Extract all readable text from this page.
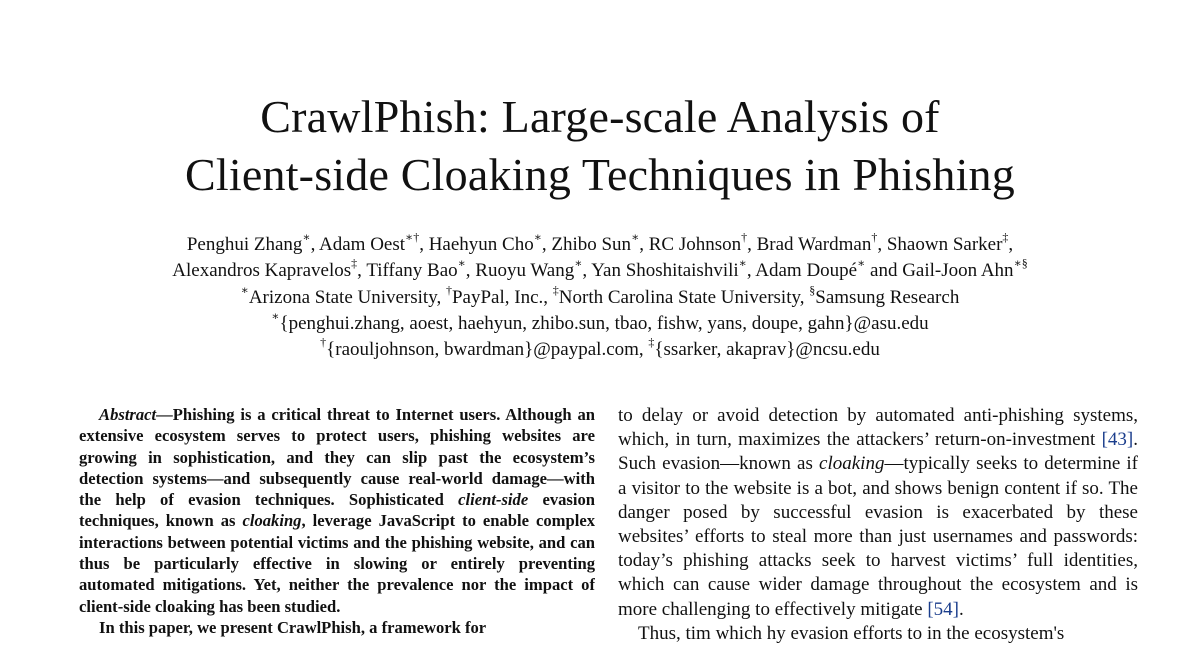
CrawlPhish: Large-scale Analysis of
Client-side Cloaking Techniques in Phishing
Penghui Zhang∗, Adam Oest∗†, Haehyun Cho∗, Zhibo Sun∗, RC Johnson†, Brad Wardman†, Shaown Sarker‡,
Alexandros Kapravelos‡, Tiffany Bao∗, Ruoyu Wang∗, Yan Shoshitaishvili∗, Adam Doupé∗ and Gail-Joon Ahn∗§
∗Arizona State University, †PayPal, Inc., ‡North Carolina State University, §Samsung Research
∗{penghui.zhang, aoest, haehyun, zhibo.sun, tbao, fishw, yans, doupe, gahn}@asu.edu
†{raouljohnson, bwardman}@paypal.com, ‡{ssarker, akaprav}@ncsu.edu

Abstract—Phishing is a critical threat to Internet users. Although an extensive ecosystem serves to protect users, phishing websites are growing in sophistication, and they can slip past the ecosystem’s detection systems—and subsequently cause real-world damage—with the help of evasion techniques. Sophisticated client-side evasion techniques, known as cloaking, leverage JavaScript to enable complex interactions between potential victims and the phishing website, and can thus be particularly effective in slowing or entirely preventing automated mitigations. Yet, neither the prevalence nor the impact of client-side cloaking has been studied.

In this paper, we present CrawlPhish, a framework for

to delay or avoid detection by automated anti-phishing systems, which, in turn, maximizes the attackers’ return-on-investment [43]. Such evasion—known as cloaking—typically seeks to determine if a visitor to the website is a bot, and shows benign content if so. The danger posed by successful evasion is exacerbated by these websites’ efforts to steal more than just usernames and passwords: today’s phishing attacks seek to harvest victims’ full identities, which can cause wider damage throughout the ecosystem and is more challenging to effectively mitigate [54].

Thus, tim which hy evasion efforts to in the ecosystem's
